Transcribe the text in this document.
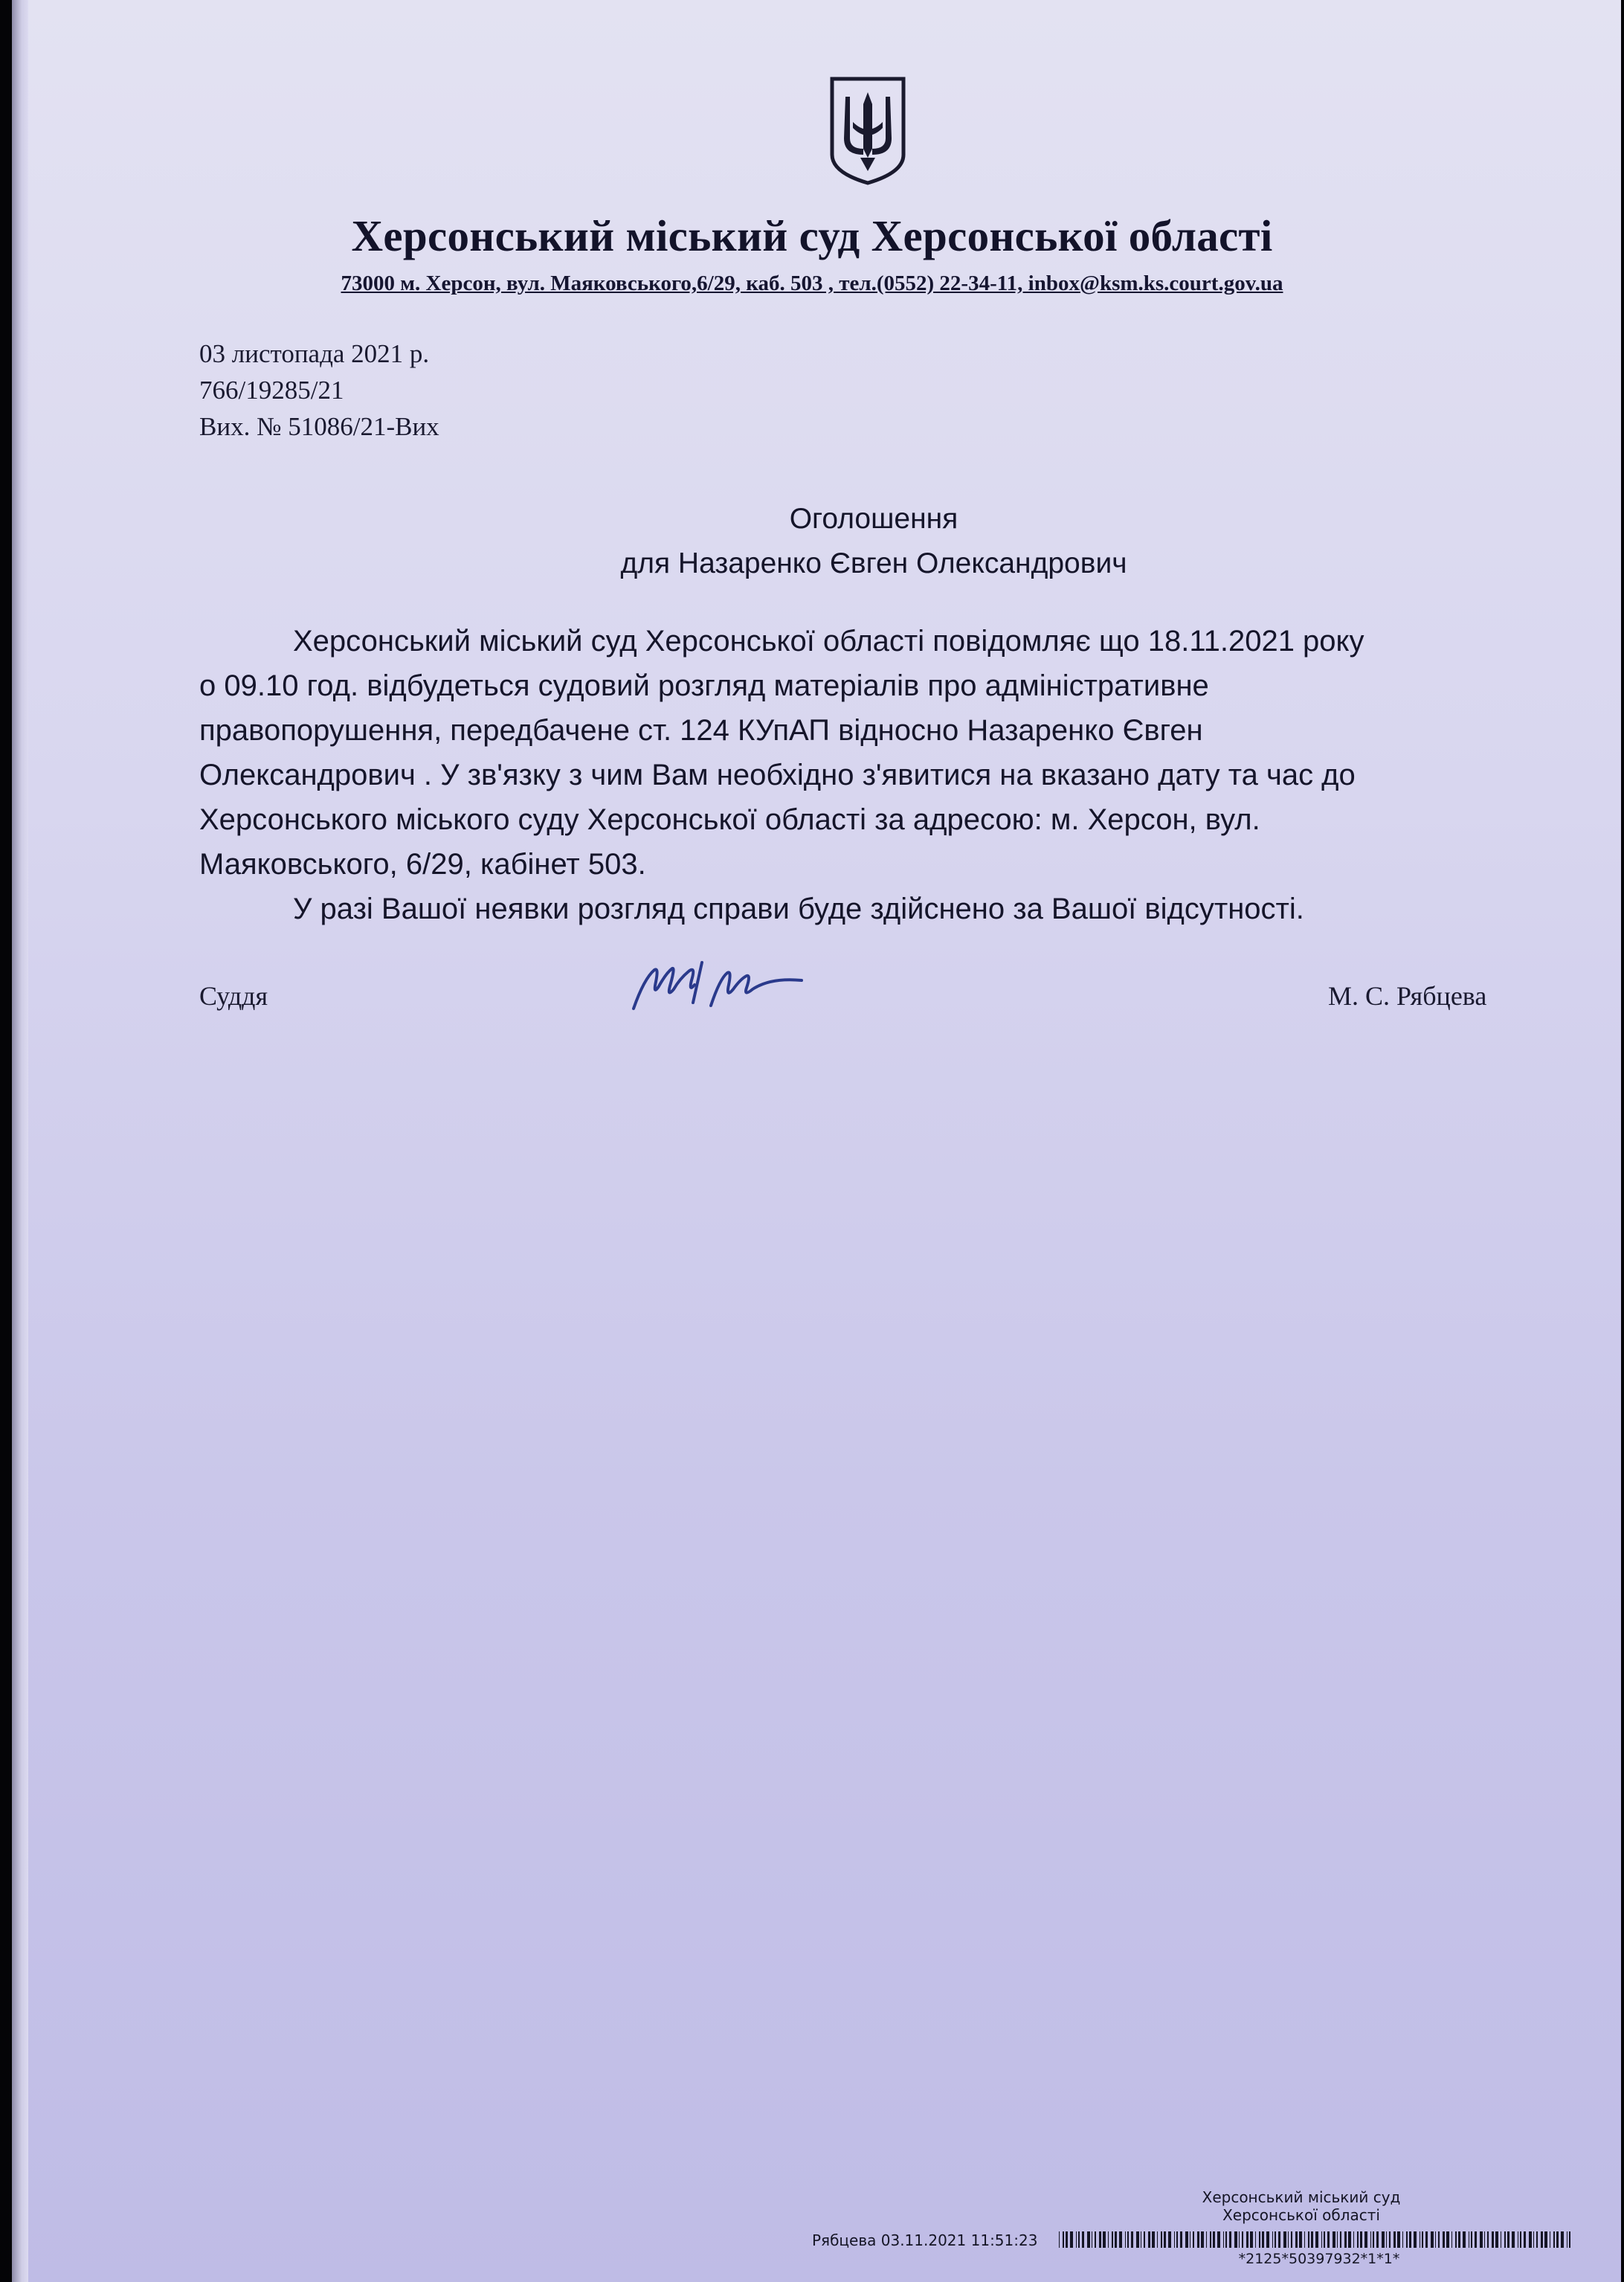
Херсонський міський суд Херсонської області
73000 м. Херсон, вул. Маяковського,6/29, каб. 503 , тел.(0552) 22-34-11, inbox@ksm.ks.court.gov.ua
03 листопада 2021 р.
766/19285/21
Вих. № 51086/21-Вих
Оголошення
для Назаренко Євген Олександрович
Херсонський міський суд Херсонської області повідомляє що 18.11.2021 року
о 09.10 год. відбудеться судовий розгляд матеріалів про адміністративне
правопорушення, передбачене ст. 124 КУпАП відносно Назаренко Євген
Олександрович . У зв'язку з чим Вам необхідно з'явитися на вказано дату та час до
Херсонського міського суду Херсонської області за адресою: м. Херсон, вул.
Маяковського, 6/29, кабінет 503.
У разі Вашої неявки розгляд справи буде здійснено за Вашої відсутності.
Суддя	М. С. Рябцева
Херсонський міський суд
Херсонської області
Рябцева 03.11.2021 11:51:23
*2125*50397932*1*1*
